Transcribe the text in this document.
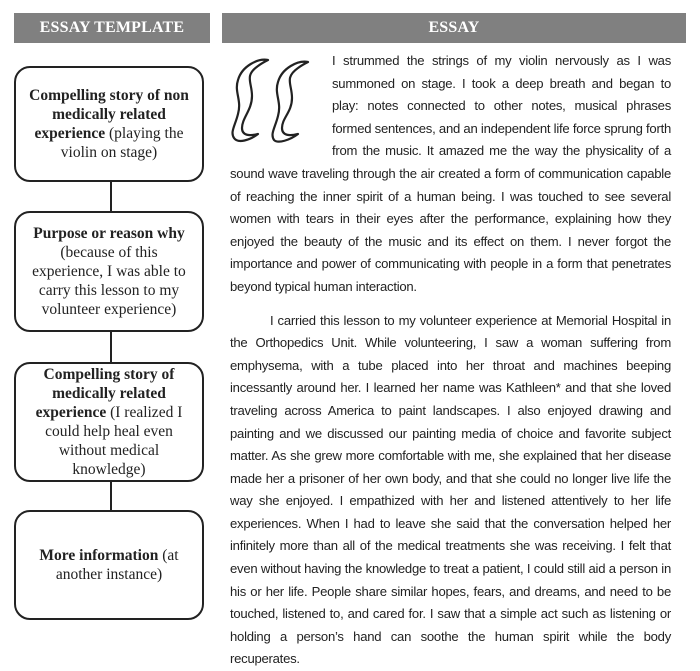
ESSAY TEMPLATE	ESSAY
Compelling story of non medically related experience (playing the violin on stage)
Purpose or reason why (because of this experience, I was able to carry this lesson to my volunteer experience)
Compelling story of medically related experience (I realized I could help heal even without medical knowledge)
More information (at another instance)

I strummed the strings of my violin nervously as I was summoned on stage. I took a deep breath and began to play: notes connected to other notes, musical phrases formed sentences, and an independent life force sprung forth from the music. It amazed me the way the physicality of a sound wave traveling through the air created a form of communication capable of reaching the inner spirit of a human being. I was touched to see several women with tears in their eyes after the performance, explaining how they enjoyed the beauty of the music and its effect on them. I never forgot the importance and power of communicating with people in a form that penetrates beyond typical human interaction.

I carried this lesson to my volunteer experience at Memorial Hospital in the Orthopedics Unit. While volunteering, I saw a woman suffering from emphysema, with a tube placed into her throat and machines beeping incessantly around her. I learned her name was Kathleen* and that she loved traveling across America to paint landscapes. I also enjoyed drawing and painting and we discussed our painting media of choice and favorite subject matter. As she grew more comfortable with me, she explained that her disease made her a prisoner of her own body, and that she could no longer live life the way she enjoyed. I empathized with her and listened attentively to her life experiences. When I had to leave she said that the conversation helped her infinitely more than all of the medical treatments she was receiving. I felt that even without having the knowledge to treat a patient, I could still aid a person in his or her life. People share similar hopes, fears, and dreams, and need to be touched, listened to, and cared for. I saw that a simple act such as listening or holding a person’s hand can soothe the human spirit while the body recuperates.
